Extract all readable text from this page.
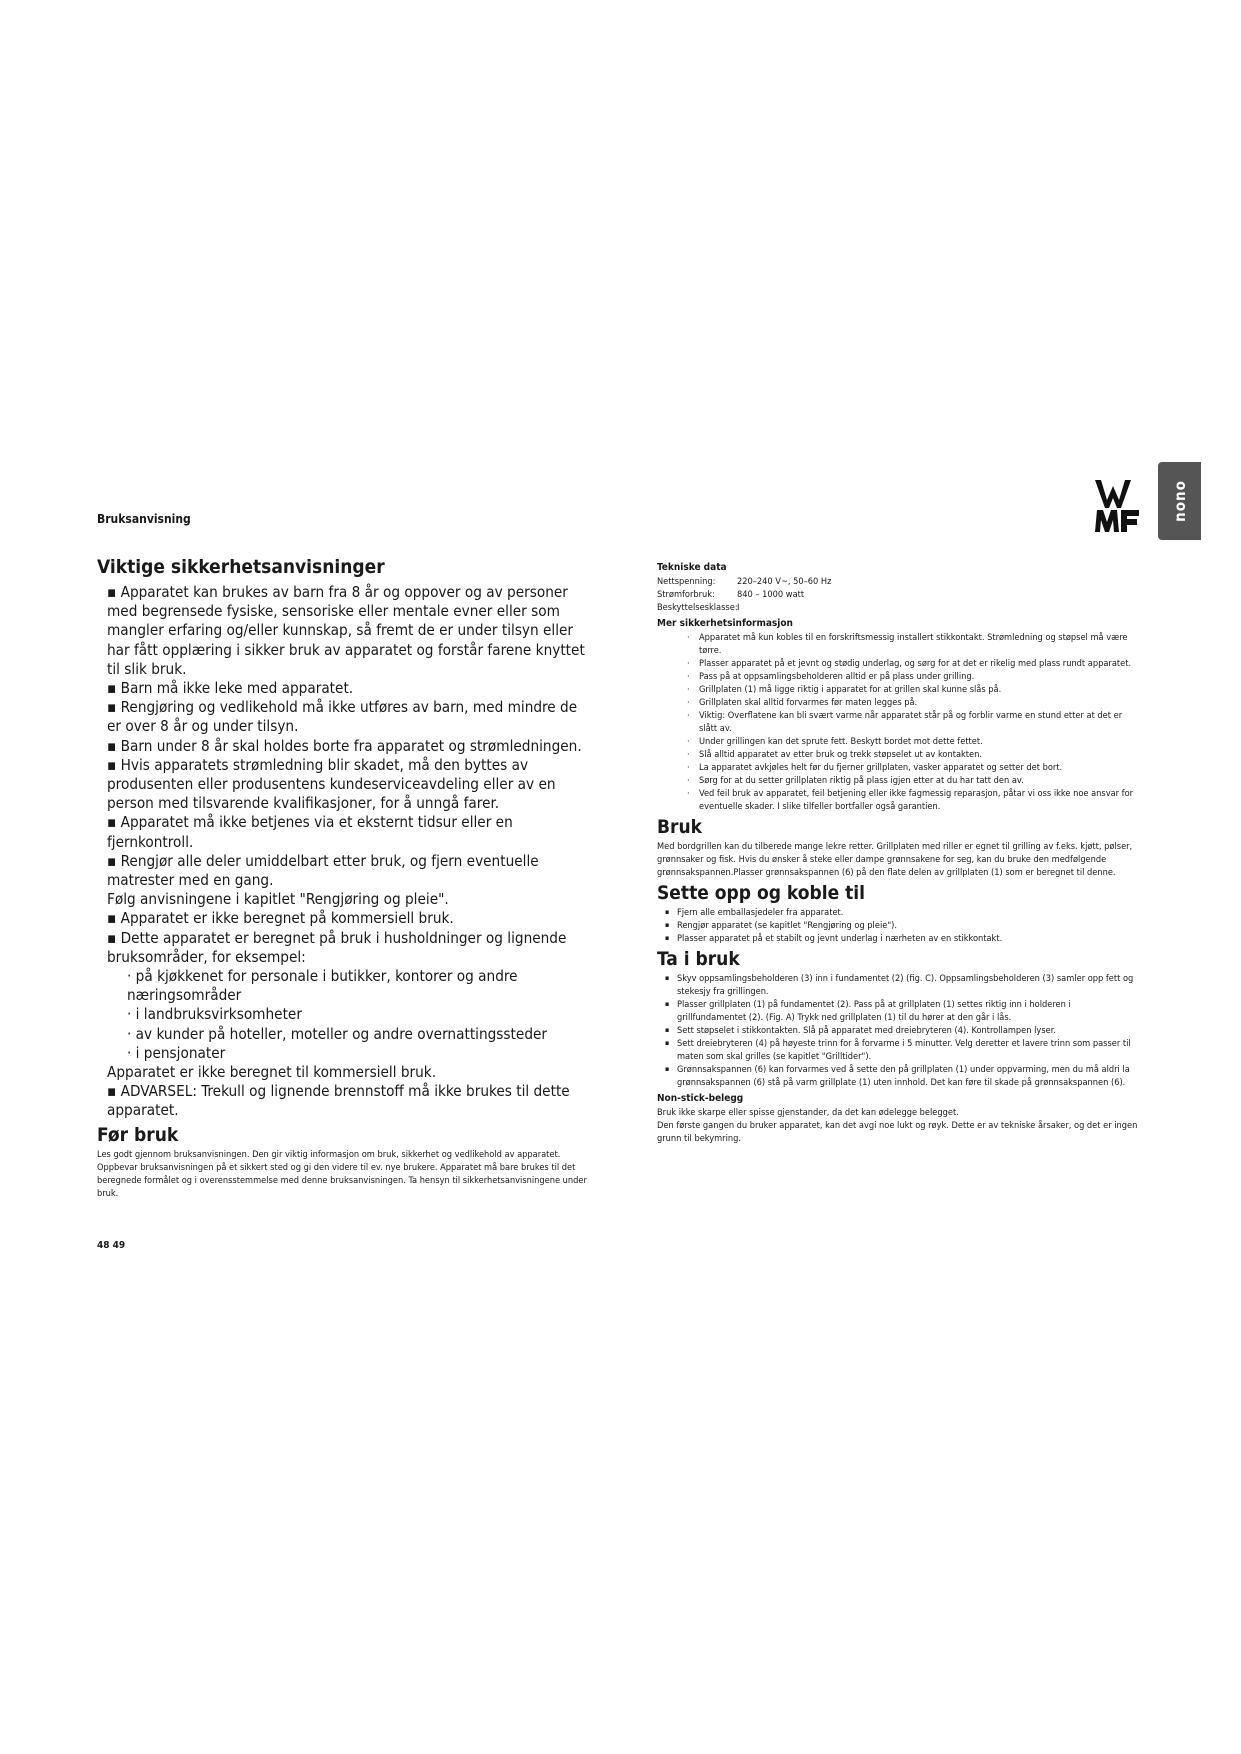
Bruksanvisning	nono
Viktige sikkerhetsanvisninger

▪ Apparatet kan brukes av barn fra 8 år og oppover og av personer med begrensede fysiske, sensoriske eller mentale evner eller som mangler erfaring og/eller kunnskap, så fremt de er under tilsyn eller har fått opplæring i sikker bruk av apparatet og forstår farene knyttet til slik bruk.

▪ Barn må ikke leke med apparatet.

▪ Rengjøring og vedlikehold må ikke utføres av barn, med mindre de er over 8 år og under tilsyn.

▪ Barn under 8 år skal holdes borte fra apparatet og strømledningen.

▪ Hvis apparatets strømledning blir skadet, må den byttes av produsenten eller produsentens kundeserviceavdeling eller av en person med tilsvarende kvalifikasjoner, for å unngå farer.

▪ Apparatet må ikke betjenes via et eksternt tidsur eller en fjernkontroll.

▪ Rengjør alle deler umiddelbart etter bruk, og fjern eventuelle matrester med en gang.

Følg anvisningene i kapitlet "Rengjøring og pleie".

▪ Apparatet er ikke beregnet på kommersiell bruk.

▪ Dette apparatet er beregnet på bruk i husholdninger og lignende bruksområder, for eksempel:

· på kjøkkenet for personale i butikker, kontorer og andre næringsområder

· i landbruksvirksomheter

· av kunder på hoteller, moteller og andre overnattingssteder

· i pensjonater

Apparatet er ikke beregnet til kommersiell bruk.

▪ ADVARSEL: Trekull og lignende brennstoff må ikke brukes til dette apparatet.

Før bruk

Les godt gjennom bruksanvisningen. Den gir viktig informasjon om bruk, sikkerhet og vedlikehold av apparatet. Oppbevar bruksanvisningen på et sikkert sted og gi den videre til ev. nye brukere. Apparatet må bare brukes til det beregnede formålet og i overensstemmelse med denne bruksanvisningen. Ta hensyn til sikkerhetsanvisningene under bruk.

Tekniske data
Nettspenning:	220–240 V~, 50–60 Hz
Strømforbruk:	840 – 1000 watt
Beskyttelsesklasse: I
Mer sikkerhetsinformasjon
· Apparatet må kun kobles til en forskriftsmessig installert stikkontakt. Strømledning og støpsel må være tørre.
· Plasser apparatet på et jevnt og stødig underlag, og sørg for at det er rikelig med plass rundt apparatet.
· Pass på at oppsamlingsbeholderen alltid er på plass under grilling.
· Grillplaten (1) må ligge riktig i apparatet for at grillen skal kunne slås på.
· Grillplaten skal alltid forvarmes før maten legges på.
· Viktig: Overflatene kan bli svært varme når apparatet står på og forblir varme en stund etter at det er slått av.
· Under grillingen kan det sprute fett. Beskytt bordet mot dette fettet.
· Slå alltid apparatet av etter bruk og trekk støpselet ut av kontakten.
· La apparatet avkjøles helt før du fjerner grillplaten, vasker apparatet og setter det bort.
· Sørg for at du setter grillplaten riktig på plass igjen etter at du har tatt den av.
· Ved feil bruk av apparatet, feil betjening eller ikke fagmessig reparasjon, påtar vi oss ikke noe ansvar for eventuelle skader. I slike tilfeller bortfaller også garantien.
Bruk

Med bordgrillen kan du tilberede mange lekre retter. Grillplaten med riller er egnet til grilling av f.eks. kjøtt, pølser, grønnsaker og fisk. Hvis du ønsker å steke eller dampe grønnsakene for seg, kan du bruke den medfølgende grønnsakspannen.Plasser grønnsakspannen (6) på den flate delen av grillplaten (1) som er beregnet til denne.

Sette opp og koble til
▪ Fjern alle emballasjedeler fra apparatet.
▪ Rengjør apparatet (se kapitlet "Rengjøring og pleie").
▪ Plasser apparatet på et stabilt og jevnt underlag i nærheten av en stikkontakt.
Ta i bruk
▪ Skyv oppsamlingsbeholderen (3) inn i fundamentet (2) (fig. C). Oppsamlingsbeholderen (3) samler opp fett og stekesjy fra grillingen.
▪ Plasser grillplaten (1) på fundamentet (2). Pass på at grillplaten (1) settes riktig inn i holderen i grillfundamentet (2). (Fig. A) Trykk ned grillplaten (1) til du hører at den går i lås.
▪ Sett støpselet i stikkontakten. Slå på apparatet med dreiebryteren (4). Kontrollampen lyser.
▪ Sett dreiebryteren (4) på høyeste trinn for å forvarme i 5 minutter. Velg deretter et lavere trinn som passer til maten som skal grilles (se kapitlet "Grilltider").
▪ Grønnsakspannen (6) kan forvarmes ved å sette den på grillplaten (1) under oppvarming, men du må aldri la grønnsakspannen (6) stå på varm grillplate (1) uten innhold. Det kan føre til skade på grønnsakspannen (6).
Non-stick-belegg

Bruk ikke skarpe eller spisse gjenstander, da det kan ødelegge belegget.

Den første gangen du bruker apparatet, kan det avgi noe lukt og røyk. Dette er av tekniske årsaker, og det er ingen grunn til bekymring.

48 49
